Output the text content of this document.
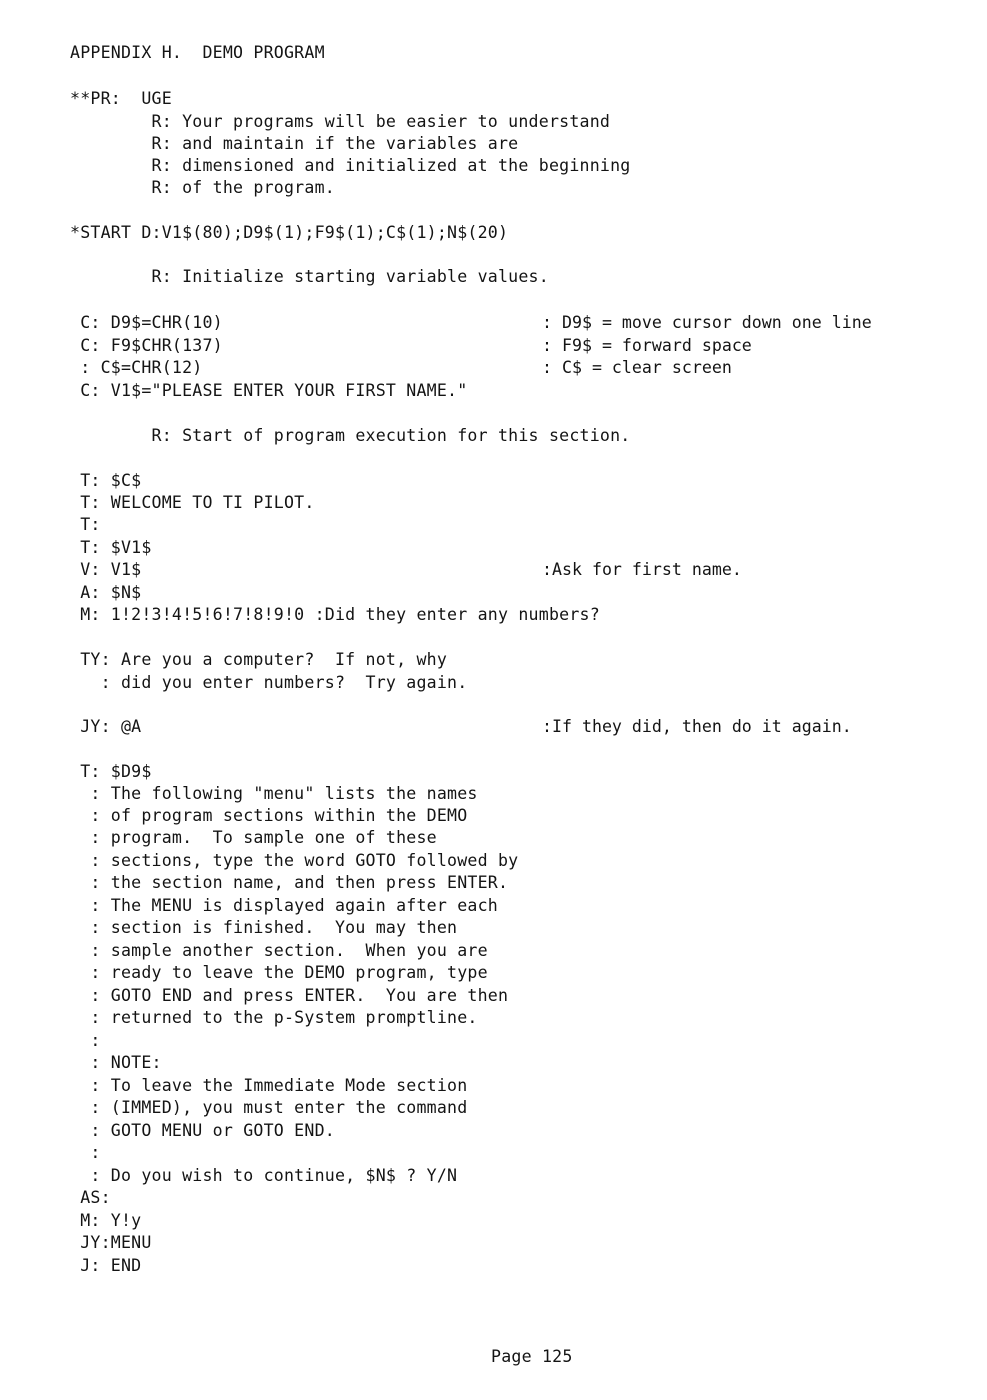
APPENDIX H.  DEMO PROGRAM
**PR:  UGE
R: Your programs will be easier to understand
R: and maintain if the variables are
R: dimensioned and initialized at the beginning
R: of the program.
*START D:V1$(80);D9$(1);F9$(1);C$(1);N$(20)
R: Initialize starting variable values.
C: D9$=CHR(10)	: D9$ = move cursor down one line
C: F9$CHR(137)	: F9$ = forward space
: C$=CHR(12)	: C$ = clear screen
C: V1$="PLEASE ENTER YOUR FIRST NAME."
R: Start of program execution for this section.
T: $C$
T: WELCOME TO TI PILOT.
T:
T: $V1$
V: V1$	:Ask for first name.
A: $N$
M: 1!2!3!4!5!6!7!8!9!0 :Did they enter any numbers?
TY: Are you a computer?  If not, why
: did you enter numbers?  Try again.
JY: @A	:If they did, then do it again.
T: $D9$
: The following "menu" lists the names
: of program sections within the DEMO
: program.  To sample one of these
: sections, type the word GOTO followed by
: the section name, and then press ENTER.
: The MENU is displayed again after each
: section is finished.  You may then
: sample another section.  When you are
: ready to leave the DEMO program, type
: GOTO END and press ENTER.  You are then
: returned to the p-System promptline.
:
: NOTE:
: To leave the Immediate Mode section
: (IMMED), you must enter the command
: GOTO MENU or GOTO END.
:
: Do you wish to continue, $N$ ? Y/N
AS:
M: Y!y
JY:MENU
J: END
Page 125
